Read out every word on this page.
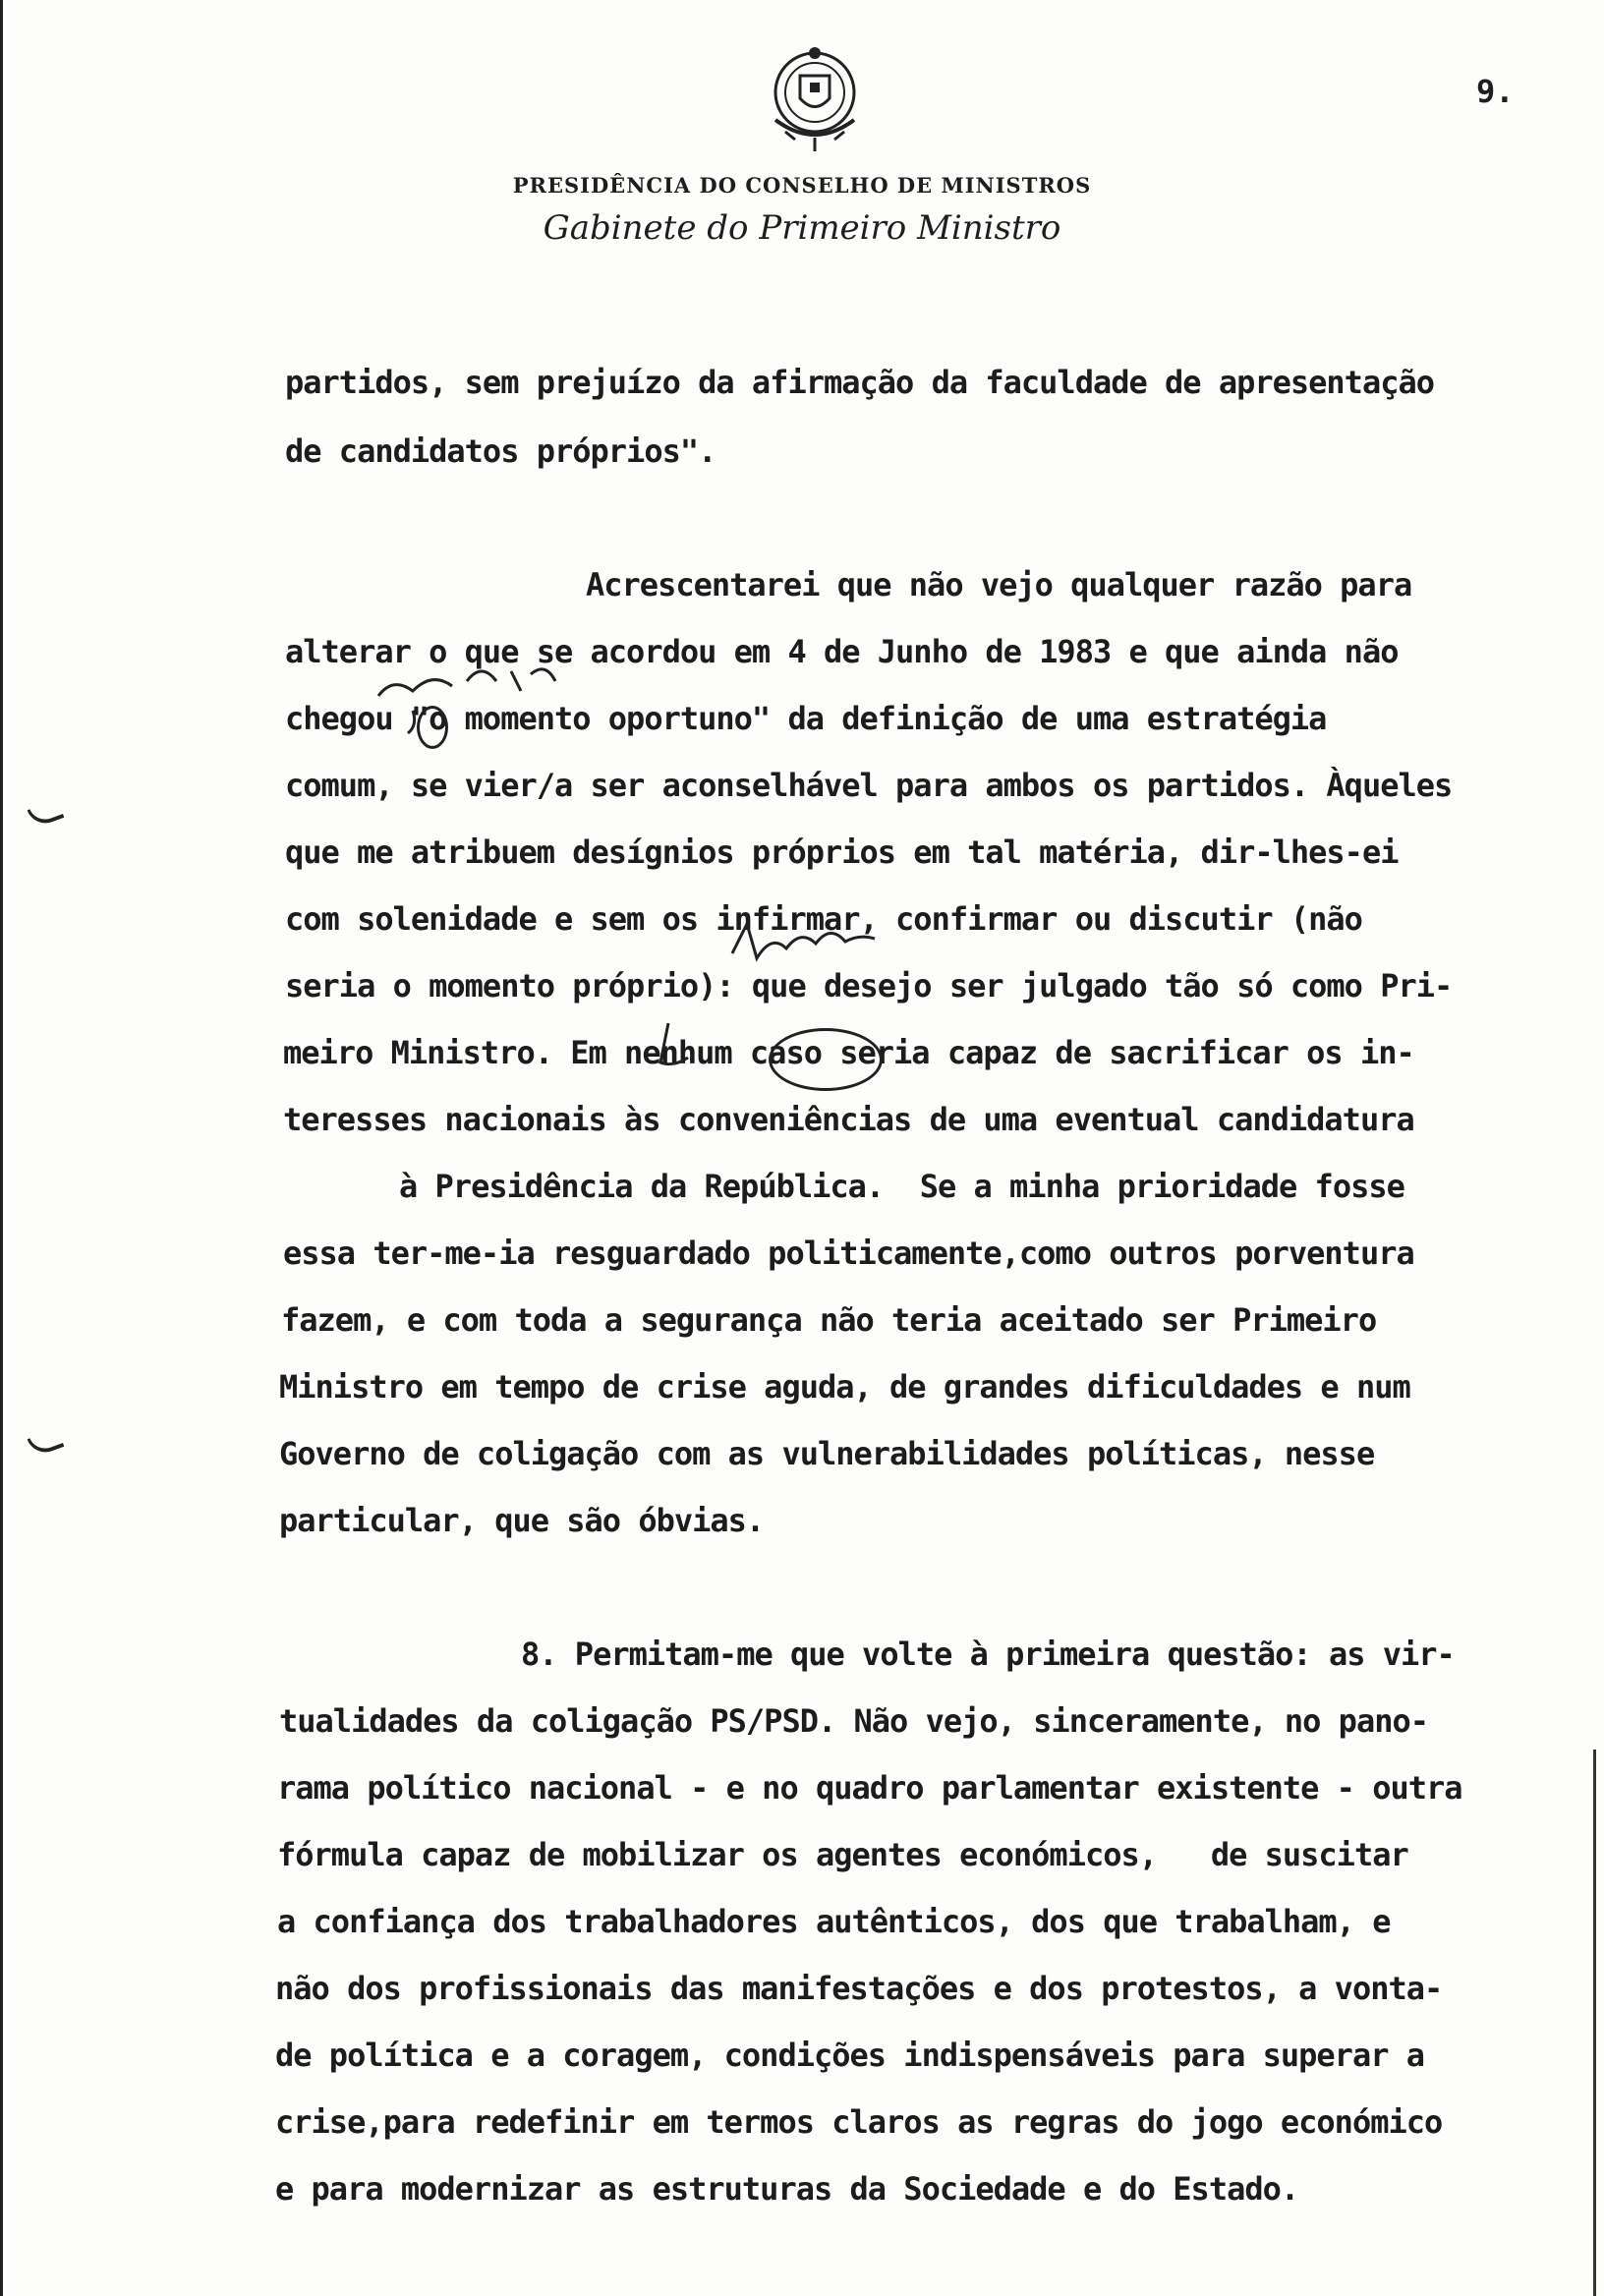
9.
PRESIDÊNCIA DO CONSELHO DE MINISTROS
Gabinete do Primeiro Ministro
partidos, sem prejuízo da afirmação da faculdade de apresentação
de candidatos próprios".
Acrescentarei que não vejo qualquer razão para
alterar o que se acordou em 4 de Junho de 1983 e que ainda não
chegou "o momento oportuno" da definição de uma estratégia
comum, se vier/a ser aconselhável para ambos os partidos. Àqueles
que me atribuem desígnios próprios em tal matéria, dir-lhes-ei
com solenidade e sem os infirmar, confirmar ou discutir (não
seria o momento próprio): que desejo ser julgado tão só como Pri-
meiro Ministro. Em nenhum caso seria capaz de sacrificar os in-
teresses nacionais às conveniências de uma eventual candidatura
à Presidência da República.  Se a minha prioridade fosse
essa ter-me-ia resguardado politicamente,como outros porventura
fazem, e com toda a segurança não teria aceitado ser Primeiro
Ministro em tempo de crise aguda, de grandes dificuldades e num
Governo de coligação com as vulnerabilidades políticas, nesse
particular, que são óbvias.
8. Permitam-me que volte à primeira questão: as vir-
tualidades da coligação PS/PSD. Não vejo, sinceramente, no pano-
rama político nacional - e no quadro parlamentar existente - outra
fórmula capaz de mobilizar os agentes económicos,   de suscitar
a confiança dos trabalhadores autênticos, dos que trabalham, e
não dos profissionais das manifestações e dos protestos, a vonta-
de política e a coragem, condições indispensáveis para superar a
crise,para redefinir em termos claros as regras do jogo económico
e para modernizar as estruturas da Sociedade e do Estado.
